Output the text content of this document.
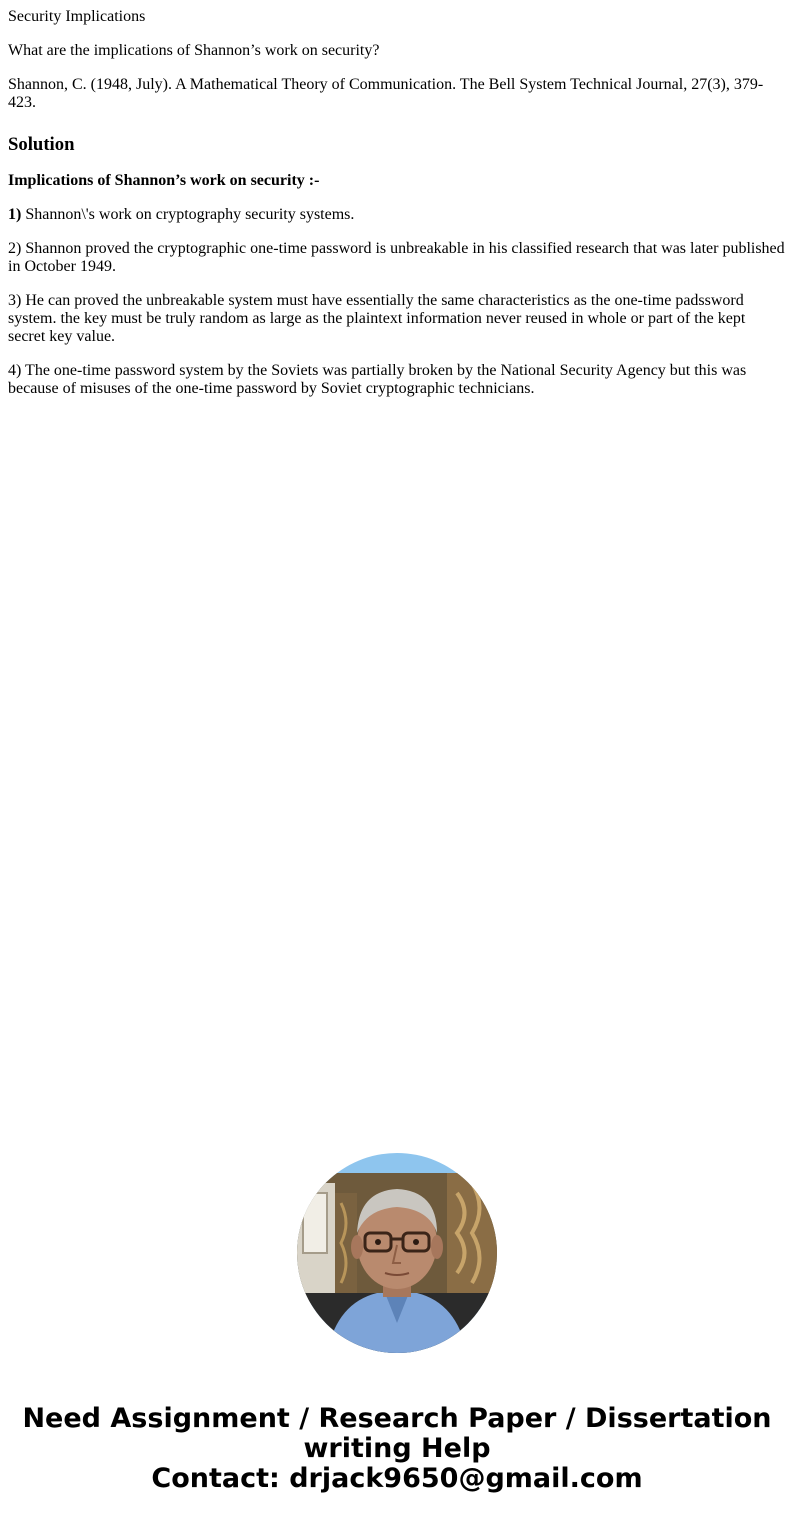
Security Implications

What are the implications of Shannon’s work on security?

Shannon, C. (1948, July). A Mathematical Theory of Communication. The Bell System Technical Journal, 27(3), 379-423.

Solution

Implications of Shannon’s work on security :-

1) Shannon\'s work on cryptography security systems.

2) Shannon proved the cryptographic one-time password is unbreakable in his classified research that was later published in October 1949.

3) He can proved the unbreakable system must have essentially the same characteristics as the one-time padssword system. the key must be truly random as large as the plaintext information never reused in whole or part of the kept secret key value.

4) The one-time password system by the Soviets was partially broken by the National Security Agency but this was because of misuses of the one-time password by Soviet cryptographic technicians.

Need Assignment / Research Paper / Dissertation
writing Help
Contact: drjack9650@gmail.com
